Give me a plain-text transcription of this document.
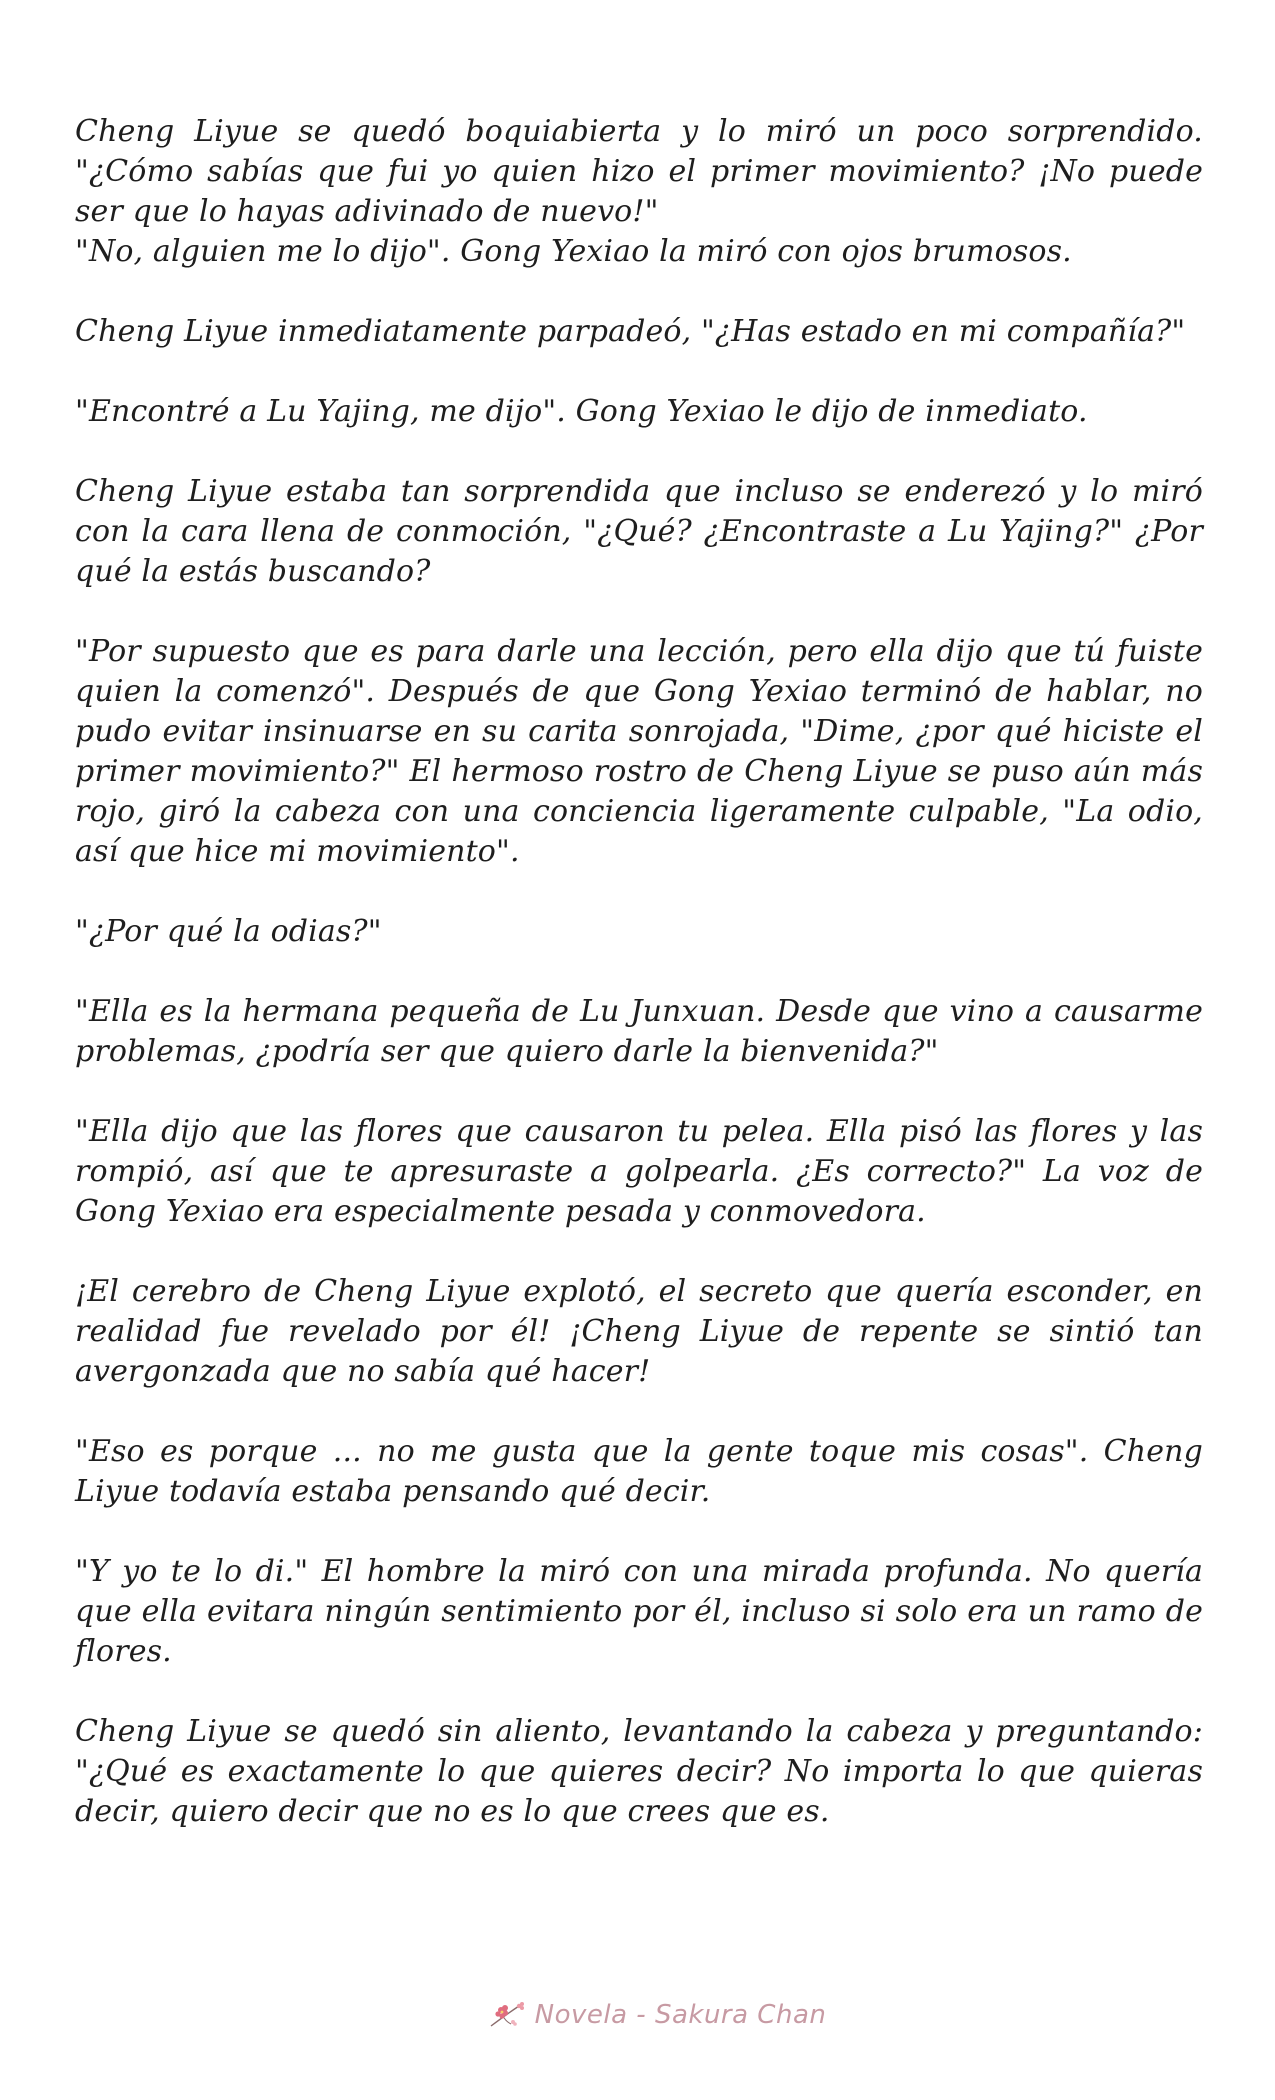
Cheng Liyue se quedó boquiabierta y lo miró un poco sorprendido. "¿Cómo sabías que fui yo quien hizo el primer movimiento? ¡No puede ser que lo hayas adivinado de nuevo!"
"No, alguien me lo dijo". Gong Yexiao la miró con ojos brumosos.

Cheng Liyue inmediatamente parpadeó, "¿Has estado en mi compañía?"

"Encontré a Lu Yajing, me dijo". Gong Yexiao le dijo de inmediato.

Cheng Liyue estaba tan sorprendida que incluso se enderezó y lo miró con la cara llena de conmoción, "¿Qué? ¿Encontraste a Lu Yajing?" ¿Por qué la estás buscando?

"Por supuesto que es para darle una lección, pero ella dijo que tú fuiste quien la comenzó". Después de que Gong Yexiao terminó de hablar, no pudo evitar insinuarse en su carita sonrojada, "Dime, ¿por qué hiciste el primer movimiento?" El hermoso rostro de Cheng Liyue se puso aún más rojo, giró la cabeza con una conciencia ligeramente culpable, "La odio, así que hice mi movimiento".

"¿Por qué la odias?"

"Ella es la hermana pequeña de Lu Junxuan. Desde que vino a causarme problemas, ¿podría ser que quiero darle la bienvenida?"

"Ella dijo que las flores que causaron tu pelea. Ella pisó las flores y las rompió, así que te apresuraste a golpearla. ¿Es correcto?" La voz de Gong Yexiao era especialmente pesada y conmovedora.

¡El cerebro de Cheng Liyue explotó, el secreto que quería esconder, en realidad fue revelado por él! ¡Cheng Liyue de repente se sintió tan avergonzada que no sabía qué hacer!

"Eso es porque ... no me gusta que la gente toque mis cosas". Cheng Liyue todavía estaba pensando qué decir.

"Y yo te lo di." El hombre la miró con una mirada profunda. No quería que ella evitara ningún sentimiento por él, incluso si solo era un ramo de flores.

Cheng Liyue se quedó sin aliento, levantando la cabeza y preguntando: "¿Qué es exactamente lo que quieres decir? No importa lo que quieras decir, quiero decir que no es lo que crees que es.

Novela - Sakura Chan
